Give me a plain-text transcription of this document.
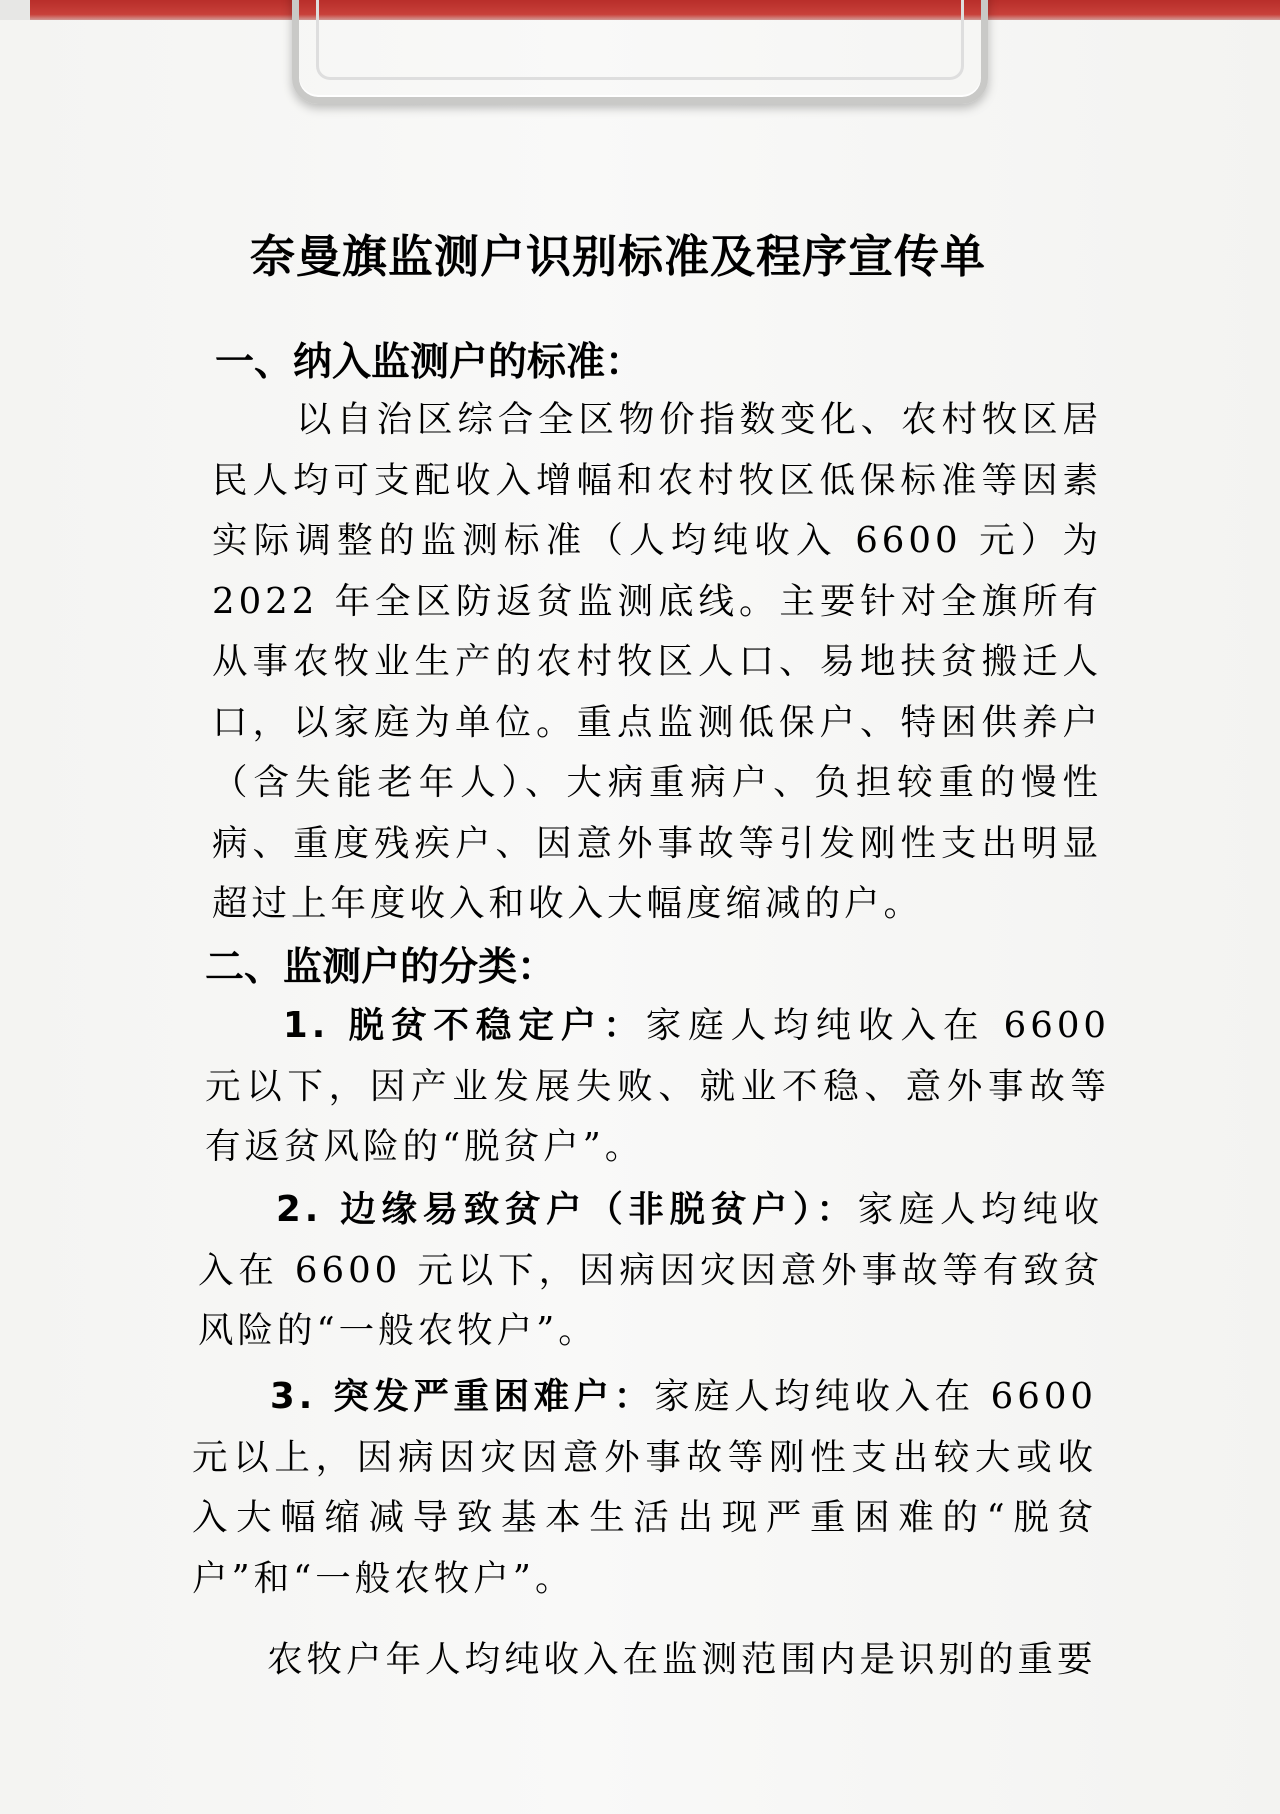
奈曼旗监测户识别标准及程序宣传单
一、纳入监测户的标准：
以自治区综合全区物价指数变化、农村牧区居民人均可支配收入增幅和农村牧区低保标准等因素实际调整的监测标准（人均纯收入 6600 元）为 2022 年全区防返贫监测底线。主要针对全旗所有从事农牧业生产的农村牧区人口、易地扶贫搬迁人口，以家庭为单位。重点监测低保户、特困供养户（含失能老年人）、大病重病户、负担较重的慢性病、重度残疾户、因意外事故等引发刚性支出明显超过上年度收入和收入大幅度缩减的户。
二、监测户的分类：
1. 脱贫不稳定户：家庭人均纯收入在 6600 元以下，因产业发展失败、就业不稳、意外事故等有返贫风险的“脱贫户”。
2. 边缘易致贫户（非脱贫户）：家庭人均纯收入在 6600 元以下，因病因灾因意外事故等有致贫风险的“一般农牧户”。
3. 突发严重困难户：家庭人均纯收入在 6600 元以上，因病因灾因意外事故等刚性支出较大或收入大幅缩减导致基本生活出现严重困难的“脱贫户”和“一般农牧户”。
农牧户年人均纯收入在监测范围内是识别的重要
